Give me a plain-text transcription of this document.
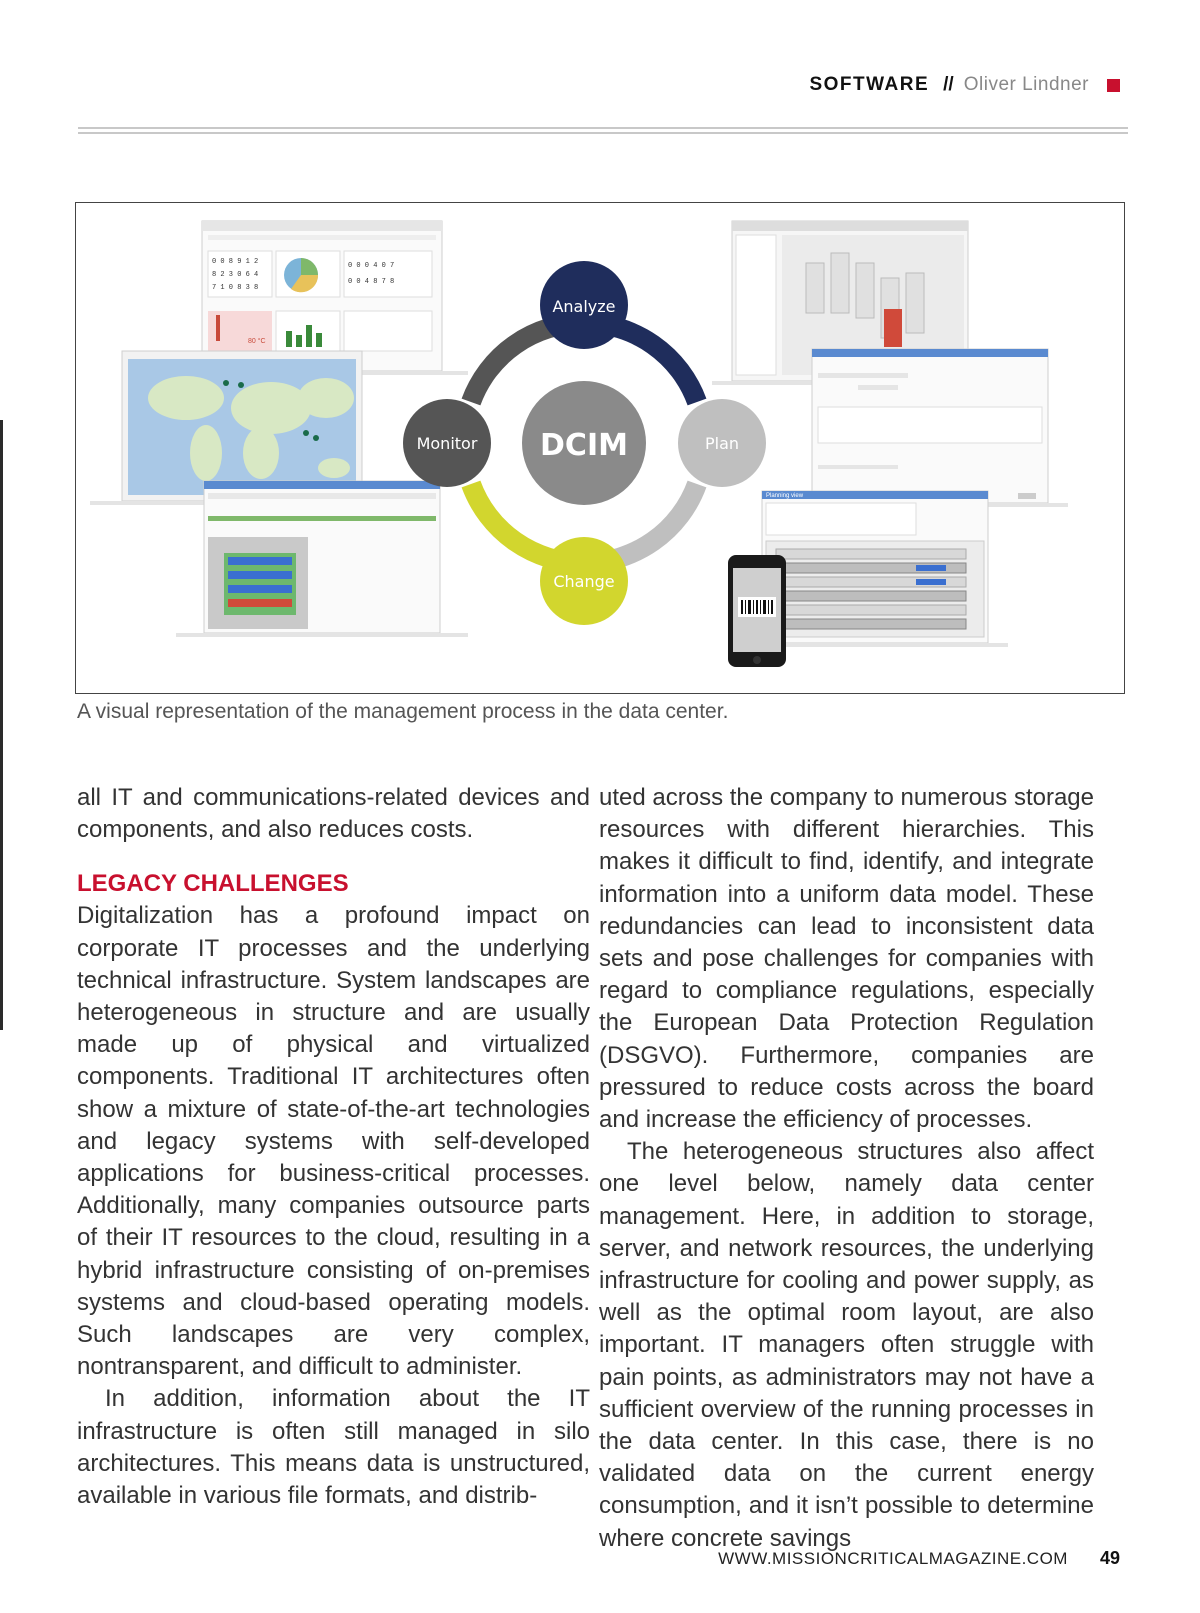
SOFTWARE // Oliver Lindner
0 0 8 9 1 2
8 2 3 0 6 4
7 1 0 8 3 8
0 0 0 4 0 7
0 0 4 8 7 8
80 °C
Planning view
DCIM
Analyze
Plan
Change
Monitor
A visual representation of the management process in the data center.

all IT and communications-related devices and components, and also reduces costs.

LEGACY CHALLENGES

Digitalization has a profound impact on corporate IT processes and the underlying technical infrastructure. System landscapes are heterogeneous in structure and are usually made up of physical and virtualized components. Traditional IT architectures often show a mixture of state-of-the-art technologies and legacy systems with self-developed applications for business-critical processes. Additionally, many companies outsource parts of their IT resources to the cloud, resulting in a hybrid infrastructure consisting of on-premises systems and cloud-based operating models. Such landscapes are very complex, nontransparent, and difficult to administer.

In addition, information about the IT infrastructure is often still managed in silo architectures. This means data is unstructured, available in various file formats, and distrib-

uted across the company to numerous storage resources with different hierarchies. This makes it difficult to find, identify, and integrate information into a uniform data model. These redundancies can lead to inconsistent data sets and pose challenges for companies with regard to compliance regulations, especially the European Data Protection Regulation (DSGVO). Furthermore, companies are pressured to reduce costs across the board and increase the efficiency of processes.

The heterogeneous structures also affect one level below, namely data center management. Here, in addition to storage, server, and network resources, the underlying infrastructure for cooling and power supply, as well as the optimal room layout, are also important. IT managers often struggle with pain points, as administrators may not have a sufficient overview of the running processes in the data center. In this case, there is no validated data on the current energy consumption, and it isn’t possible to determine where concrete savings

WWW.MISSIONCRITICALMAGAZINE.COM 49
